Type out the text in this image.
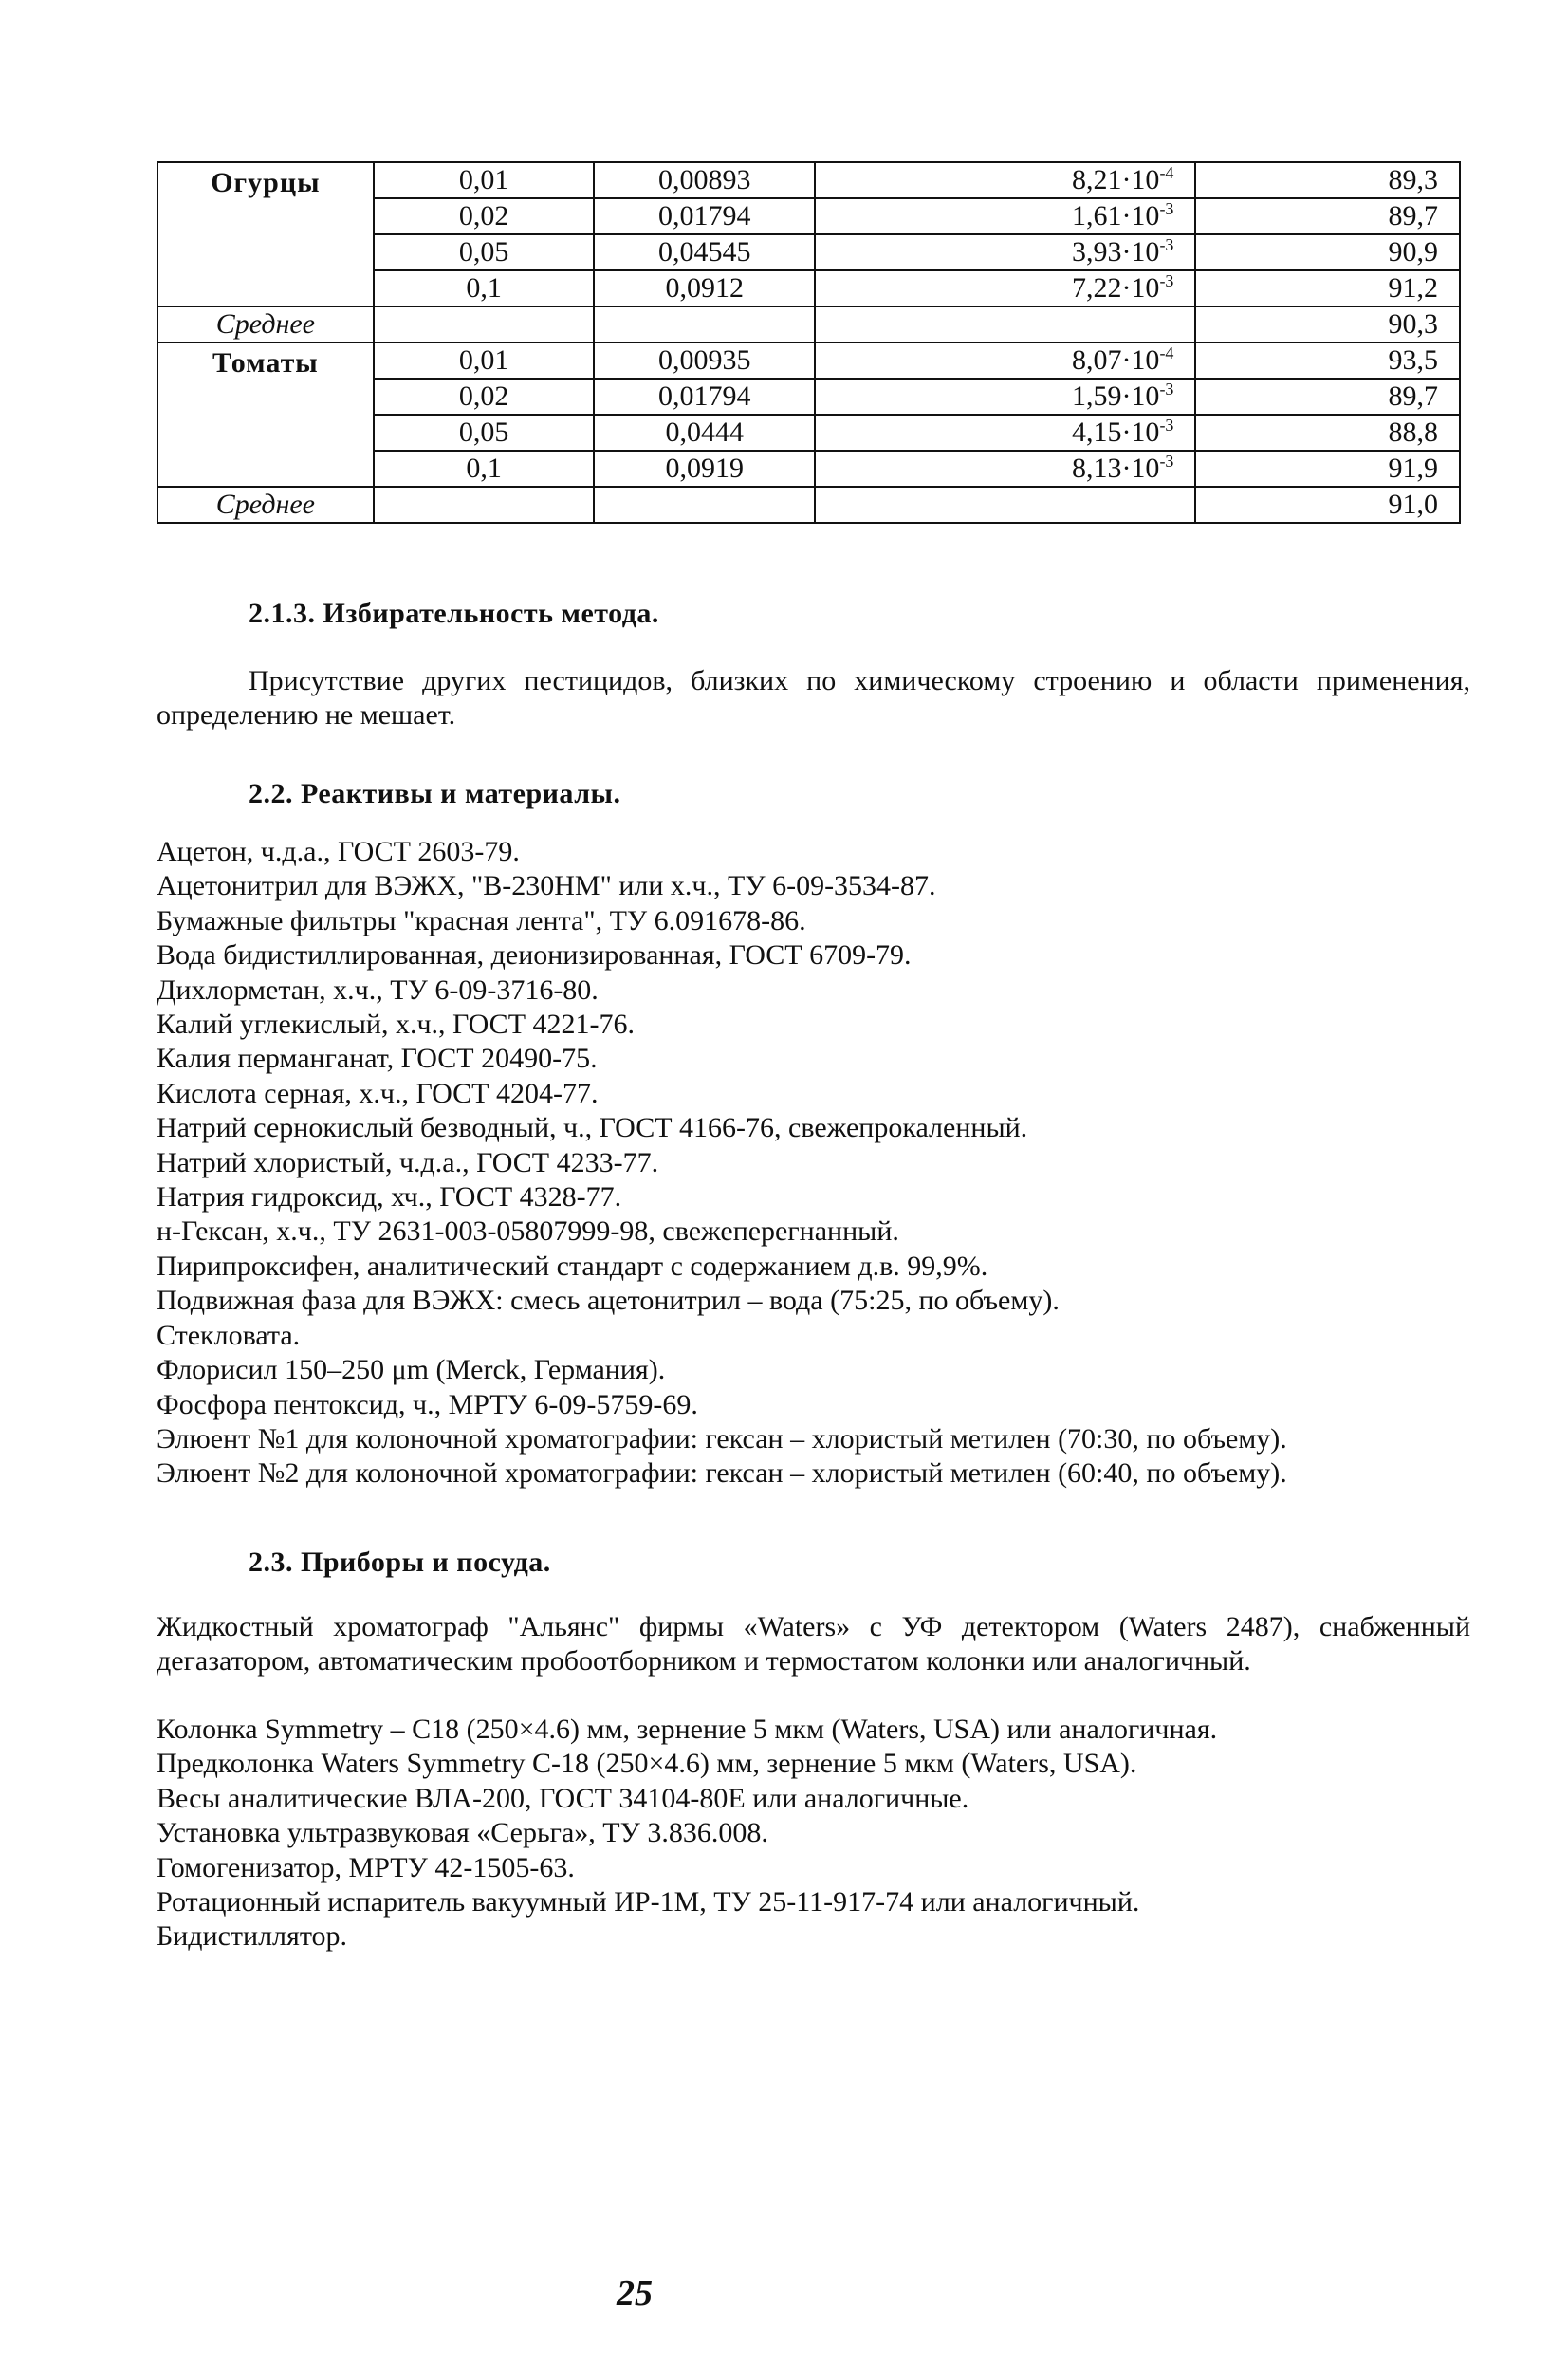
Огурцы	0,01	0,00893	$8,21\cdot 10^{-4}$	89,3
	0,02	0,01794	$1,61\cdot 10^{-3}$	89,7
	0,05	0,04545	$3,93\cdot 10^{-3}$	90,9
	0,1	0,0912	$7,22\cdot 10^{-3}$	91,2
Среднее				90,3
Томаты	0,01	0,00935	$8,07\cdot 10^{-4}$	93,5
	0,02	0,01794	$1,59\cdot 10^{-3}$	89,7
	0,05	0,0444	$4,15\cdot 10^{-3}$	88,8
	0,1	0,0919	$8,13\cdot 10^{-3}$	91,9
Среднее				91,0
2.1.3. Избирательность метода.

Присутствие других пестицидов, близких по химическому строению и области применения, определению не мешает.

2.2. Реактивы и материалы.
Ацетон, ч.д.а., ГОСТ 2603-79.
Ацетонитрил для ВЭЖХ, "В-230НМ" или х.ч., ТУ 6-09-3534-87.
Бумажные фильтры "красная лента", ТУ 6.091678-86.
Вода бидистиллированная, деионизированная, ГОСТ 6709-79.
Дихлорметан, х.ч., ТУ 6-09-3716-80.
Калий углекислый, х.ч., ГОСТ 4221-76.
Калия перманганат, ГОСТ 20490-75.
Кислота серная, х.ч., ГОСТ 4204-77.
Натрий сернокислый безводный, ч., ГОСТ 4166-76, свежепрокаленный.
Натрий хлористый, ч.д.а., ГОСТ 4233-77.
Натрия гидроксид, хч., ГОСТ 4328-77.
н-Гексан, х.ч., ТУ 2631-003-05807999-98, свежеперегнанный.
Пирипроксифен, аналитический стандарт с содержанием д.в. 99,9%.
Подвижная фаза для ВЭЖХ: смесь ацетонитрил – вода (75:25, по объему).
Стекловата.
Флорисил 150–250 μm (Merck, Германия).
Фосфора пентоксид, ч., МРТУ 6-09-5759-69.
Элюент №1 для колоночной хроматографии: гексан – хлористый метилен (70:30, по объему).
Элюент №2 для колоночной хроматографии: гексан – хлористый метилен (60:40, по объему).
2.3. Приборы и посуда.

Жидкостный хроматограф "Альянс" фирмы «Waters» с УФ детектором (Waters 2487), снабженный дегазатором, автоматическим пробоотборником и термостатом колонки или аналогичный.

Колонка Symmetry – C18 (250×4.6) мм, зернение 5 мкм (Waters, USA) или аналогичная.
Предколонка Waters Symmetry C-18 (250×4.6) мм, зернение 5 мкм (Waters, USA).
Весы аналитические ВЛА-200, ГОСТ 34104-80Е или аналогичные.
Установка ультразвуковая «Серьга», ТУ 3.836.008.
Гомогенизатор, МРТУ 42-1505-63.
Ротационный испаритель вакуумный ИР-1М, ТУ 25-11-917-74 или аналогичный.
Бидистиллятор.
25
